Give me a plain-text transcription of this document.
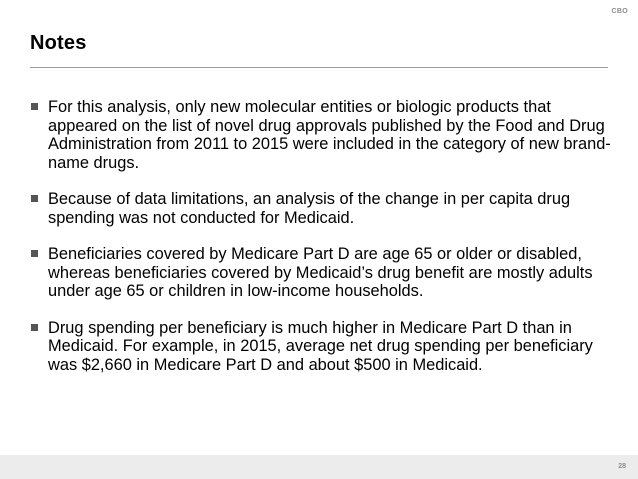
CBO
Notes
For this analysis, only new molecular entities or biologic products that appeared on the list of novel drug approvals published by the Food and Drug Administration from 2011 to 2015 were included in the category of new brand-name drugs.
Because of data limitations, an analysis of the change in per capita drug spending was not conducted for Medicaid.
Beneficiaries covered by Medicare Part D are age 65 or older or disabled, whereas beneficiaries covered by Medicaid’s drug benefit are mostly adults under age 65 or children in low-income households.
Drug spending per beneficiary is much higher in Medicare Part D than in Medicaid. For example, in 2015, average net drug spending per beneficiary was $2,660 in Medicare Part D and about $500 in Medicaid.
28
